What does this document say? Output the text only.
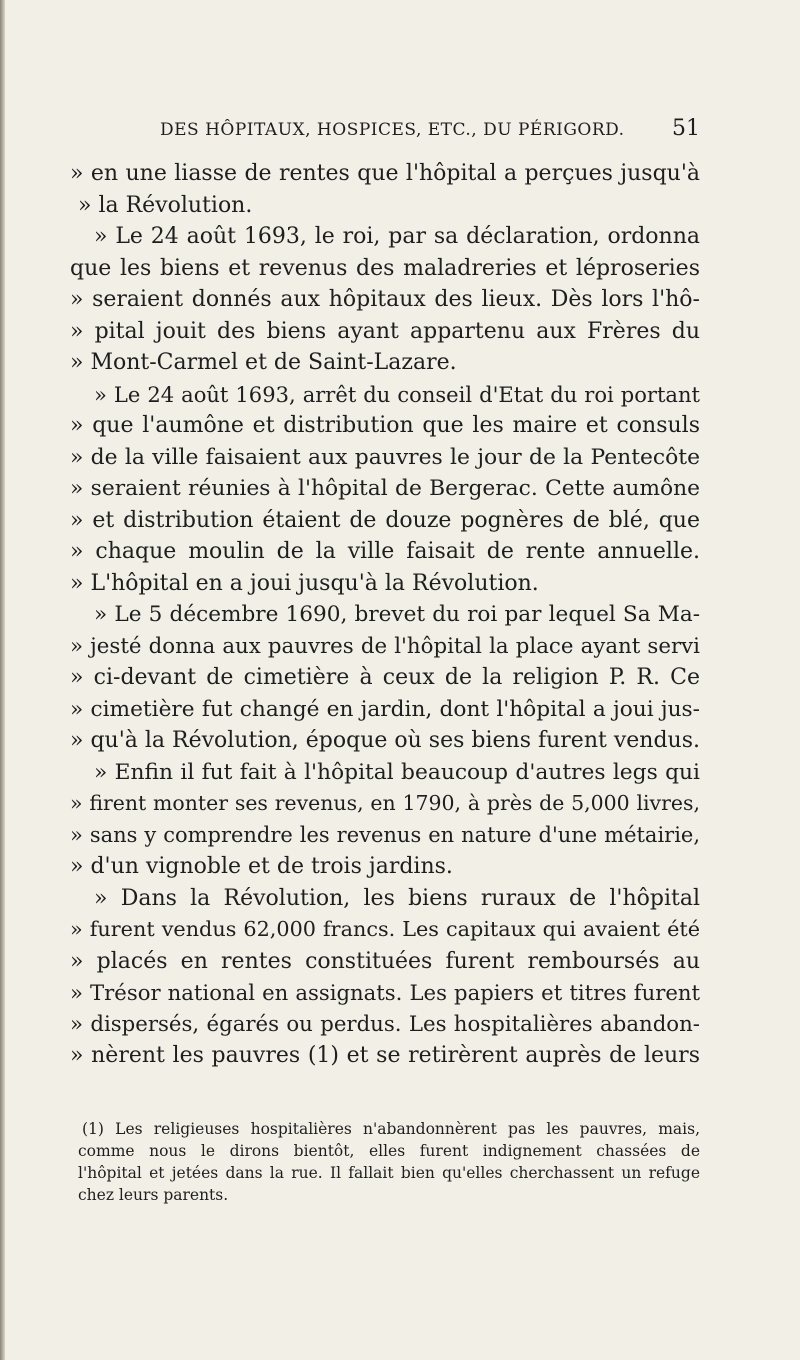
DES HÔPITAUX, HOSPICES, ETC., DU PÉRIGORD. 51
» en une liasse de rentes que l'hôpital a perçues jusqu'à
» la Révolution.
» Le 24 août 1693, le roi, par sa déclaration, ordonna
que les biens et revenus des maladreries et léproseries
» seraient donnés aux hôpitaux des lieux. Dès lors l'hô-
» pital jouit des biens ayant appartenu aux Frères du
» Mont-Carmel et de Saint-Lazare.
» Le 24 août 1693, arrêt du conseil d'Etat du roi portant
» que l'aumône et distribution que les maire et consuls
» de la ville faisaient aux pauvres le jour de la Pentecôte
» seraient réunies à l'hôpital de Bergerac. Cette aumône
» et distribution étaient de douze pognères de blé, que
» chaque moulin de la ville faisait de rente annuelle.
» L'hôpital en a joui jusqu'à la Révolution.
» Le 5 décembre 1690, brevet du roi par lequel Sa Ma-
» jesté donna aux pauvres de l'hôpital la place ayant servi
» ci-devant de cimetière à ceux de la religion P. R. Ce
» cimetière fut changé en jardin, dont l'hôpital a joui jus-
» qu'à la Révolution, époque où ses biens furent vendus.
» Enfin il fut fait à l'hôpital beaucoup d'autres legs qui
» firent monter ses revenus, en 1790, à près de 5,000 livres,
» sans y comprendre les revenus en nature d'une métairie,
» d'un vignoble et de trois jardins.
» Dans la Révolution, les biens ruraux de l'hôpital
» furent vendus 62,000 francs. Les capitaux qui avaient été
» placés en rentes constituées furent remboursés au
» Trésor national en assignats. Les papiers et titres furent
» dispersés, égarés ou perdus. Les hospitalières abandon-
» nèrent les pauvres (1) et se retirèrent auprès de leurs
(1) Les religieuses hospitalières n'abandonnèrent pas les pauvres, mais,
comme nous le dirons bientôt, elles furent indignement chassées de
l'hôpital et jetées dans la rue. Il fallait bien qu'elles cherchassent un refuge
chez leurs parents.
